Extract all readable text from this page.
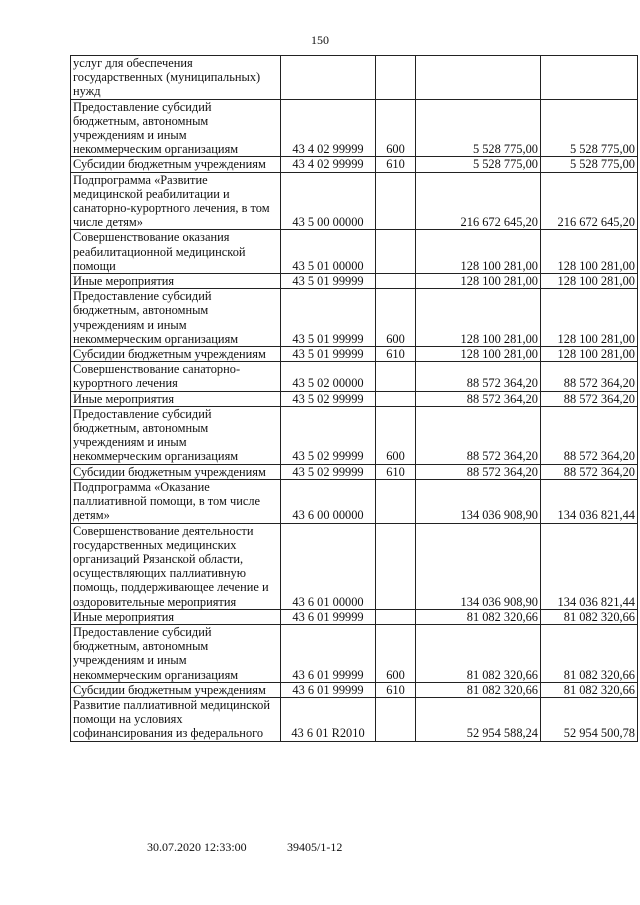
150
услуг для обеспечения государственных (муниципальных) нужд				
Предоставление субсидий бюджетным, автономным учреждениям и иным некоммерческим организациям	43 4 02 99999	600	5 528 775,00	5 528 775,00
Субсидии бюджетным учреждениям	43 4 02 99999	610	5 528 775,00	5 528 775,00
Подпрограмма «Развитие медицинской реабилитации и санаторно-курортного лечения, в том числе детям»	43 5 00 00000		216 672 645,20	216 672 645,20
Совершенствование оказания реабилитационной медицинской помощи	43 5 01 00000		128 100 281,00	128 100 281,00
Иные мероприятия	43 5 01 99999		128 100 281,00	128 100 281,00
Предоставление субсидий бюджетным, автономным учреждениям и иным некоммерческим организациям	43 5 01 99999	600	128 100 281,00	128 100 281,00
Субсидии бюджетным учреждениям	43 5 01 99999	610	128 100 281,00	128 100 281,00
Совершенствование санаторно-курортного лечения	43 5 02 00000		88 572 364,20	88 572 364,20
Иные мероприятия	43 5 02 99999		88 572 364,20	88 572 364,20
Предоставление субсидий бюджетным, автономным учреждениям и иным некоммерческим организациям	43 5 02 99999	600	88 572 364,20	88 572 364,20
Субсидии бюджетным учреждениям	43 5 02 99999	610	88 572 364,20	88 572 364,20
Подпрограмма «Оказание паллиативной помощи, в том числе детям»	43 6 00 00000		134 036 908,90	134 036 821,44
Совершенствование деятельности государственных медицинских организаций Рязанской области, осуществляющих паллиативную помощь, поддерживающее лечение и оздоровительные мероприятия	43 6 01 00000		134 036 908,90	134 036 821,44
Иные мероприятия	43 6 01 99999		81 082 320,66	81 082 320,66
Предоставление субсидий бюджетным, автономным учреждениям и иным некоммерческим организациям	43 6 01 99999	600	81 082 320,66	81 082 320,66
Субсидии бюджетным учреждениям	43 6 01 99999	610	81 082 320,66	81 082 320,66
Развитие паллиативной медицинской помощи на условиях софинансирования из федерального	43 6 01 R2010		52 954 588,24	52 954 500,78
30.07.2020 12:33:00	39405/1-12
